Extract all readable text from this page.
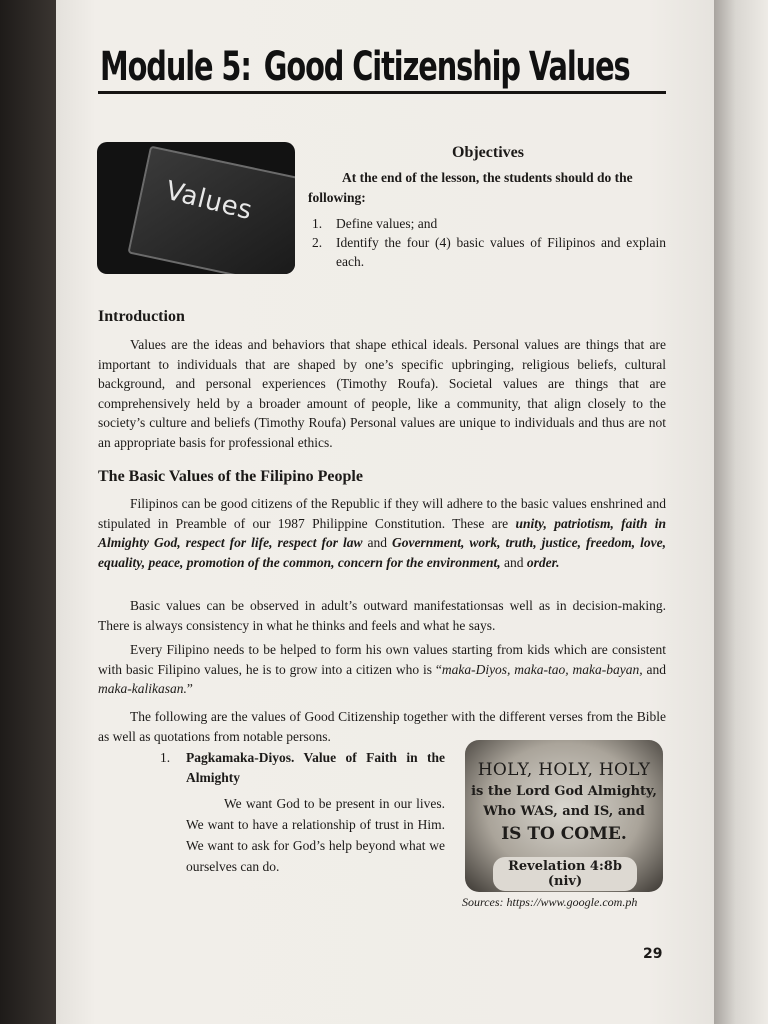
Module 5: Good Citizenship Values
Values
Objectives
At the end of the lesson, the students should do the following:
1.	Define values; and
2.	Identify the four (4) basic values of Filipinos and explain each.
Introduction
Values are the ideas and behaviors that shape ethical ideals. Personal values are things that are important to individuals that are shaped by one’s specific upbringing, religious beliefs, cultural background, and personal experiences (Timothy Roufa). Societal values are things that are comprehensively held by a broader amount of people, like a community, that align closely to the society’s culture and beliefs (Timothy Roufa) Personal values are unique to individuals and thus are not an appropriate basis for professional ethics.
The Basic Values of the Filipino People
Filipinos can be good citizens of the Republic if they will adhere to the basic values enshrined and stipulated in Preamble of our 1987 Philippine Constitution. These are unity, patriotism, faith in Almighty God, respect for life, respect for law and Government, work, truth, justice, freedom, love, equality, peace, promotion of the common, concern for the environment, and order.
Basic values can be observed in adult’s outward manifestationsas well as in decision-making. There is always consistency in what he thinks and feels and what he says.
Every Filipino needs to be helped to form his own values starting from kids which are consistent with basic Filipino values, he is to grow into a citizen who is “maka-Diyos, maka-tao, maka-bayan, and maka-kalikasan.”
The following are the values of Good Citizenship together with the different verses from the Bible as well as quotations from notable persons.
1.	Pagkamaka-Diyos. Value of Faith in the Almighty
We want God to be present in our lives. We want to have a relationship of trust in Him. We want to ask for God’s help beyond what we ourselves can do.
HOLY, HOLY, HOLY
is the Lord God Almighty,
Who WAS, and IS, and
IS TO COME.
Revelation 4:8b (niv)
Sources: https://www.google.com.ph
29
